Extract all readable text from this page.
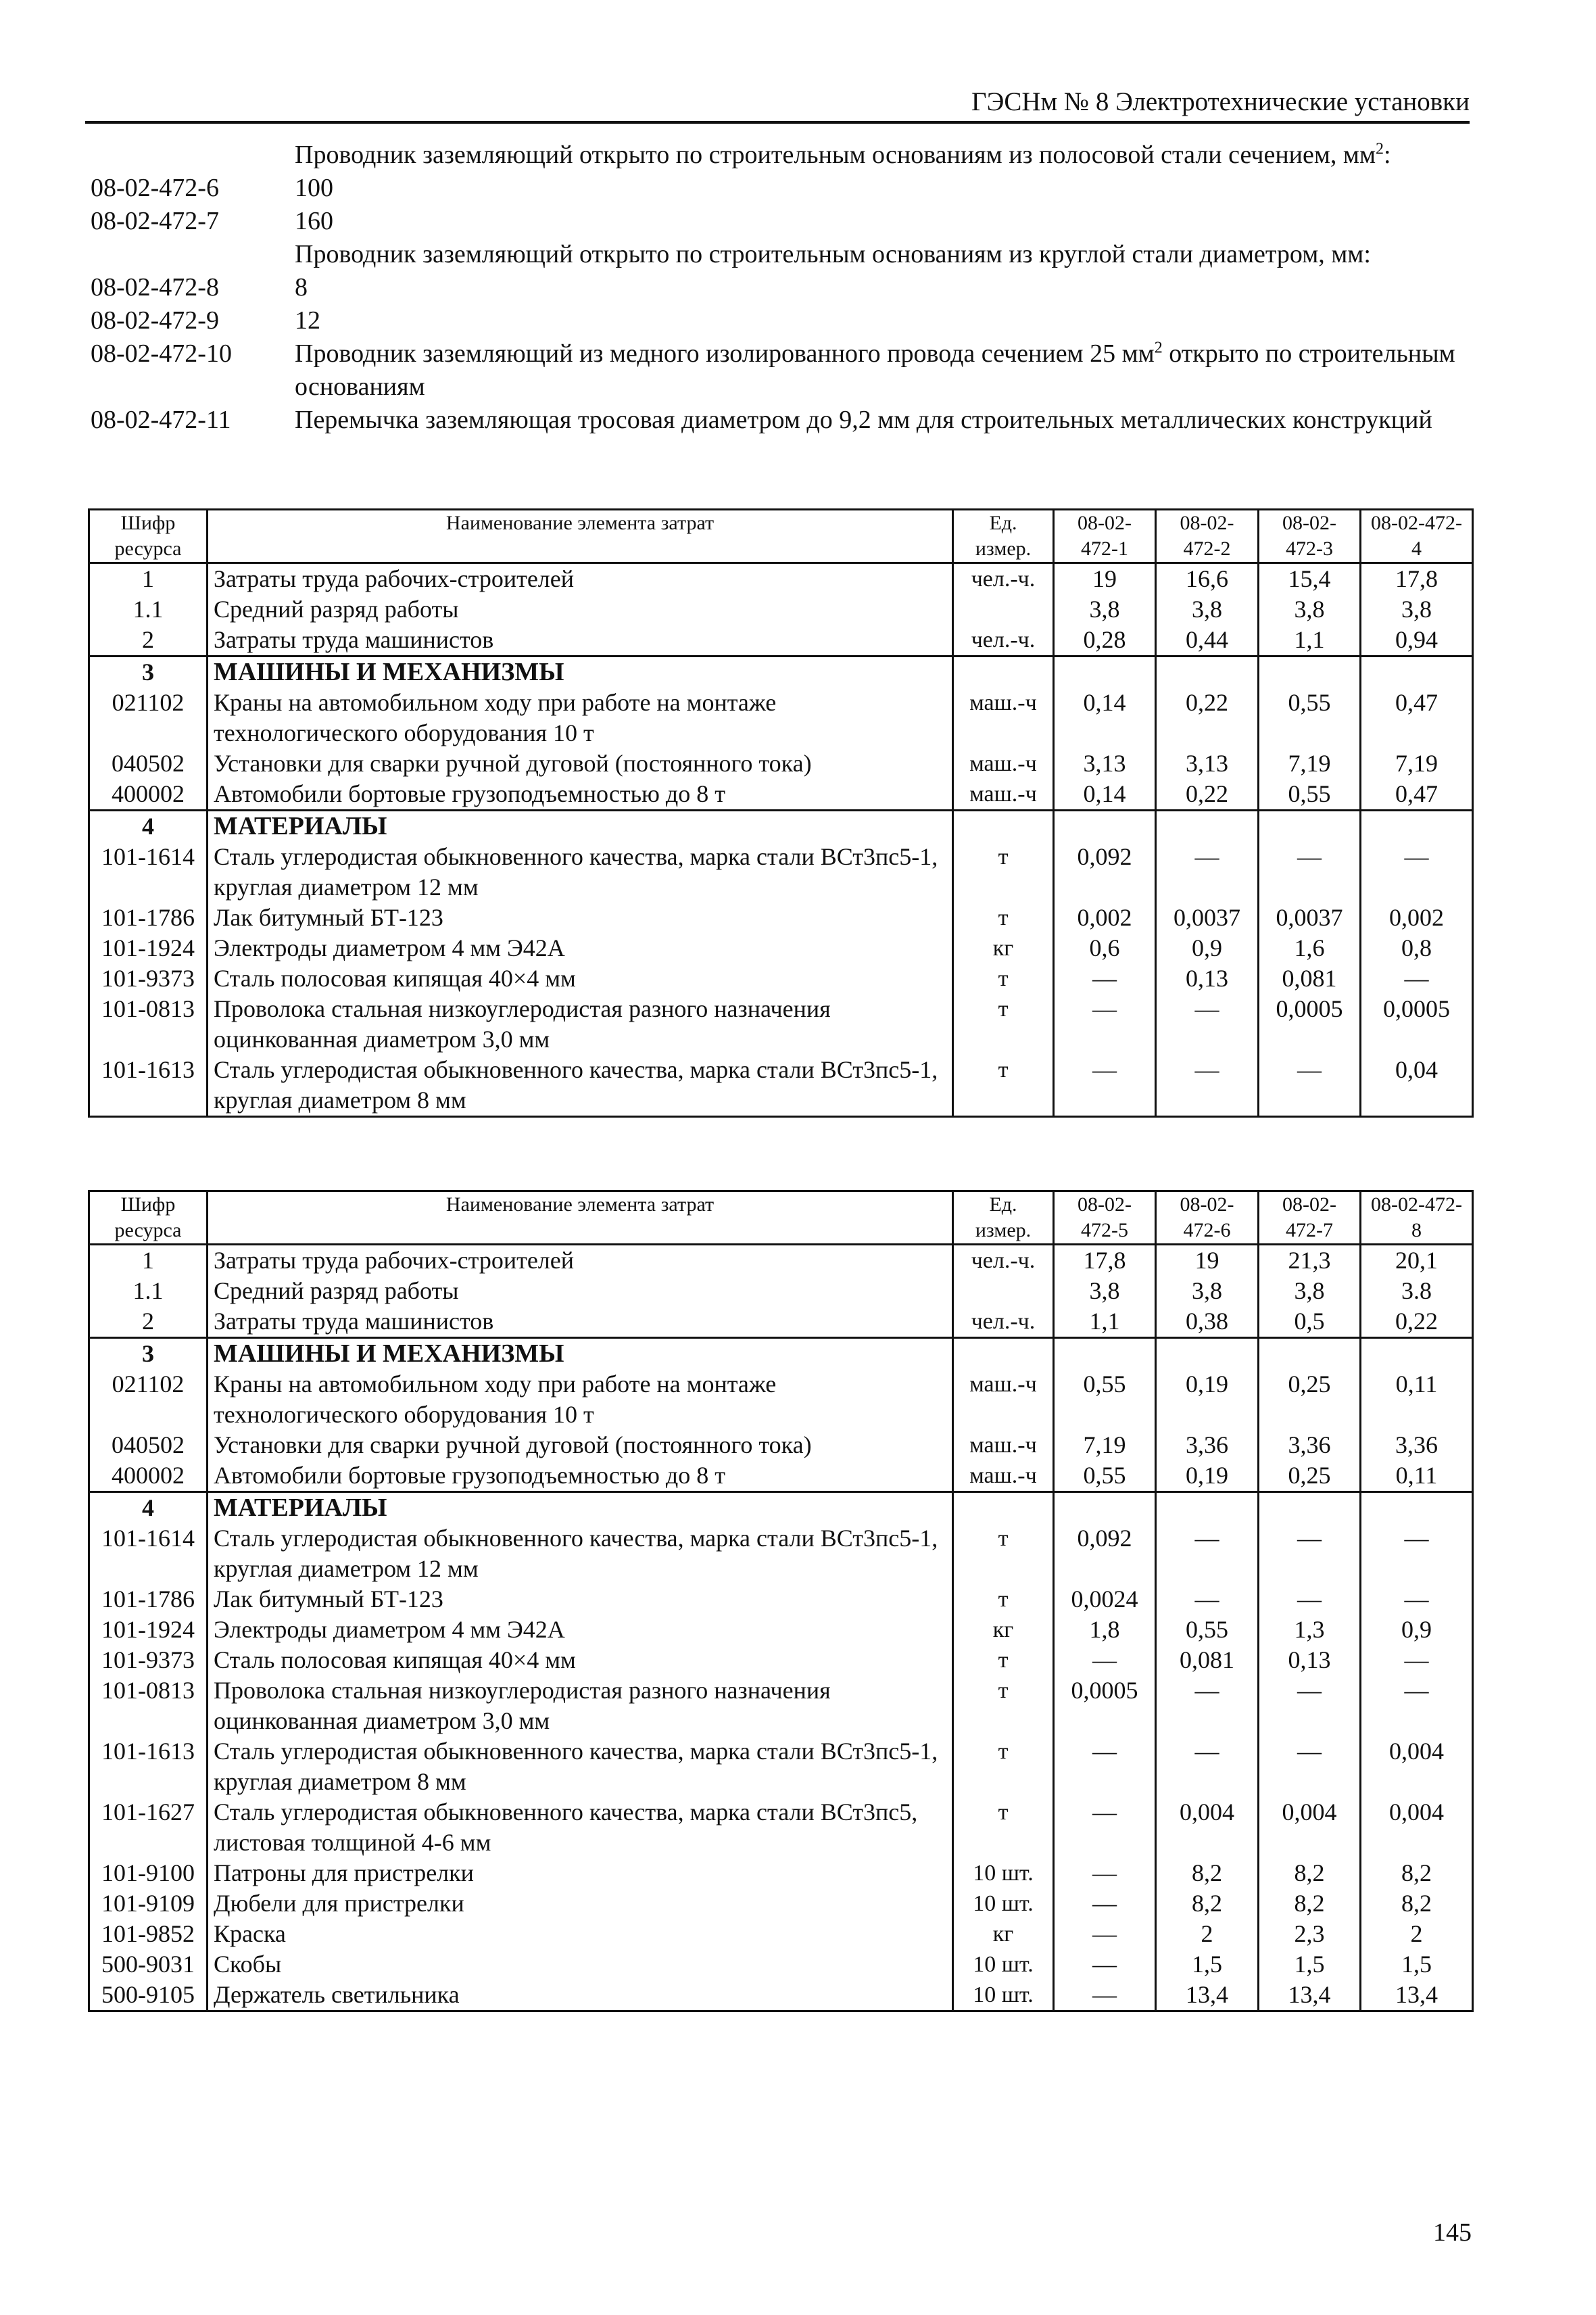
ГЭСНм № 8 Электротехнические установки
Проводник заземляющий открыто по строительным основаниям из полосовой стали сечением, $мм^2$:
08-02-472-6	100
08-02-472-7	160
Проводник заземляющий открыто по строительным основаниям из круглой стали диаметром, мм:
08-02-472-8	8
08-02-472-9	12
08-02-472-10	Проводник заземляющий из медного изолированного провода сечением 25 $мм^2$ открыто по строительным основаниям
08-02-472-11	Перемычка заземляющая тросовая диаметром до 9,2 мм для строительных металлических конструкций
Шифр ресурса	Наименование элемента затрат	Ед. измер.	08-02-472-1	08-02-472-2	08-02-472-3	08-02-472-4
1	Затраты труда рабочих-строителей	чел.-ч.	19	16,6	15,4	17,8
1.1	Средний разряд работы		3,8	3,8	3,8	3,8
2	Затраты труда машинистов	чел.-ч.	0,28	0,44	1,1	0,94
3	МАШИНЫ И МЕХАНИЗМЫ					
021102	Краны на автомобильном ходу при работе на монтаже технологического оборудования 10 т	маш.-ч	0,14	0,22	0,55	0,47
040502	Установки для сварки ручной дуговой (постоянного тока)	маш.-ч	3,13	3,13	7,19	7,19
400002	Автомобили бортовые грузоподъемностью до 8 т	маш.-ч	0,14	0,22	0,55	0,47
4	МАТЕРИАЛЫ					
101-1614	Сталь углеродистая обыкновенного качества, марка стали ВСт3пс5-1, круглая диаметром 12 мм	т	0,092	—	—	—
101-1786	Лак битумный БТ-123	т	0,002	0,0037	0,0037	0,002
101-1924	Электроды диаметром 4 мм Э42А	кг	0,6	0,9	1,6	0,8
101-9373	Сталь полосовая кипящая 40×4 мм	т	—	0,13	0,081	—
101-0813	Проволока стальная низкоуглеродистая разного назначения оцинкованная диаметром 3,0 мм	т	—	—	0,0005	0,0005
101-1613	Сталь углеродистая обыкновенного качества, марка стали ВСт3пс5-1, круглая диаметром 8 мм	т	—	—	—	0,04
Шифр ресурса	Наименование элемента затрат	Ед. измер.	08-02-472-5	08-02-472-6	08-02-472-7	08-02-472-8
1	Затраты труда рабочих-строителей	чел.-ч.	17,8	19	21,3	20,1
1.1	Средний разряд работы		3,8	3,8	3,8	3.8
2	Затраты труда машинистов	чел.-ч.	1,1	0,38	0,5	0,22
3	МАШИНЫ И МЕХАНИЗМЫ					
021102	Краны на автомобильном ходу при работе на монтаже технологического оборудования 10 т	маш.-ч	0,55	0,19	0,25	0,11
040502	Установки для сварки ручной дуговой (постоянного тока)	маш.-ч	7,19	3,36	3,36	3,36
400002	Автомобили бортовые грузоподъемностью до 8 т	маш.-ч	0,55	0,19	0,25	0,11
4	МАТЕРИАЛЫ					
101-1614	Сталь углеродистая обыкновенного качества, марка стали ВСт3пс5-1, круглая диаметром 12 мм	т	0,092	—	—	—
101-1786	Лак битумный БТ-123	т	0,0024	—	—	—
101-1924	Электроды диаметром 4 мм Э42А	кг	1,8	0,55	1,3	0,9
101-9373	Сталь полосовая кипящая 40×4 мм	т	—	0,081	0,13	—
101-0813	Проволока стальная низкоуглеродистая разного назначения оцинкованная диаметром 3,0 мм	т	0,0005	—	—	—
101-1613	Сталь углеродистая обыкновенного качества, марка стали ВСт3пс5-1, круглая диаметром 8 мм	т	—	—	—	0,004
101-1627	Сталь углеродистая обыкновенного качества, марка стали ВСт3пс5, листовая толщиной 4-6 мм	т	—	0,004	0,004	0,004
101-9100	Патроны для пристрелки	10 шт.	—	8,2	8,2	8,2
101-9109	Дюбели для пристрелки	10 шт.	—	8,2	8,2	8,2
101-9852	Краска	кг	—	2	2,3	2
500-9031	Скобы	10 шт.	—	1,5	1,5	1,5
500-9105	Держатель светильника	10 шт.	—	13,4	13,4	13,4
145
